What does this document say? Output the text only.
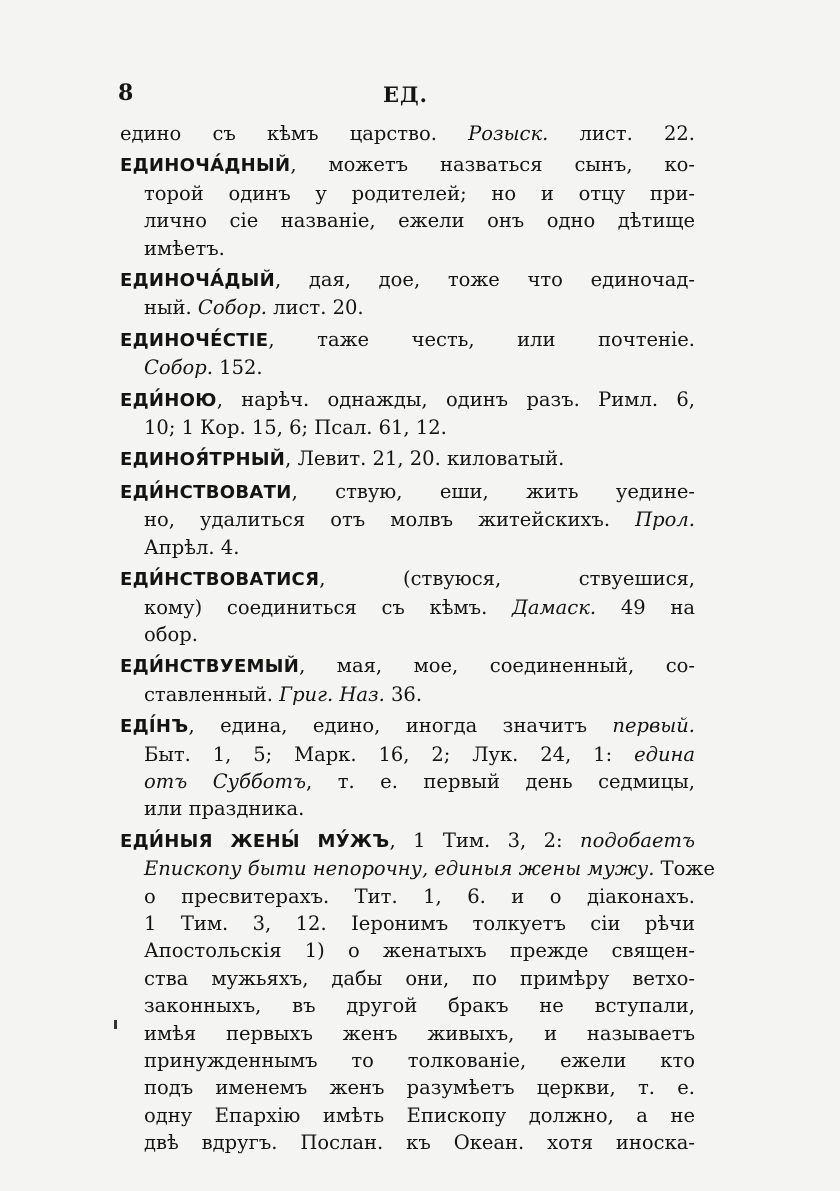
8	ЕД.
едино съ кѣмъ царство. Розыск. лист. 22.
ЕДИНОЧА́ДНЫЙ, можетъ назваться сынъ, ко-
торой одинъ у родителей; но и отцу при-
лично сіе названіе, ежели онъ одно дѣтище
имѣетъ.
ЕДИНОЧА́ДЫЙ, дая, дое, тоже что единочад-
ный. Собор. лист. 20.
ЕДИНОЧЕ́СТІЕ, тажe честь, или почтеніе.
Собор. 152.
ЕДИ́НОЮ, нарѣч. однажды, одинъ разъ. Римл. 6,
10; 1 Кор. 15, 6; Псал. 61, 12.
ЕДИНОЯ́ТРНЫЙ, Левит. 21, 20. киловатый.
ЕДИ́НСТВОВАТИ, ствую, еши, жить уедине-
но, удалиться отъ молвъ житейскихъ. Прол.
Апрѣл. 4.
ЕДИ́НСТВОВАТИСЯ, (ствуюся, ствуешися,
кому) соединиться съ кѣмъ. Дамаск. 49 на
обор.
ЕДИ́НСТВУЕМЫЙ, мая, мое, соединенный, со-
ставленный. Григ. Наз. 36.
ЕДІ́НЪ, едина, едино, иногда значитъ первый.
Быт. 1, 5; Марк. 16, 2; Лук. 24, 1: едина
отъ Субботъ, т. е. первый день седмицы,
или праздника.
ЕДИ́НЫЯ ЖЕНЫ́ МУ́ЖЪ, 1 Тим. 3, 2: подобаетъ
Епископу быти непорочну, единыя жены мужу. Тоже
о пресвитерахъ. Тит. 1, 6. и о діаконахъ.
1 Тим. 3, 12. Іеронимъ толкуетъ сіи рѣчи
Апостольскія 1) о женатыхъ прежде священ-
ства мужьяхъ, дабы они, по примѣру ветхо-
законныхъ, въ другой бракъ не вступали,
имѣя первыхъ женъ живыхъ, и называетъ
принужденнымъ то толкованіе, ежели кто
подъ именемъ женъ разумѣетъ церкви, т. е.
одну Епархію имѣть Епископу должно, а не
двѣ вдругъ. Послан. къ Океан. хотя иноска-
